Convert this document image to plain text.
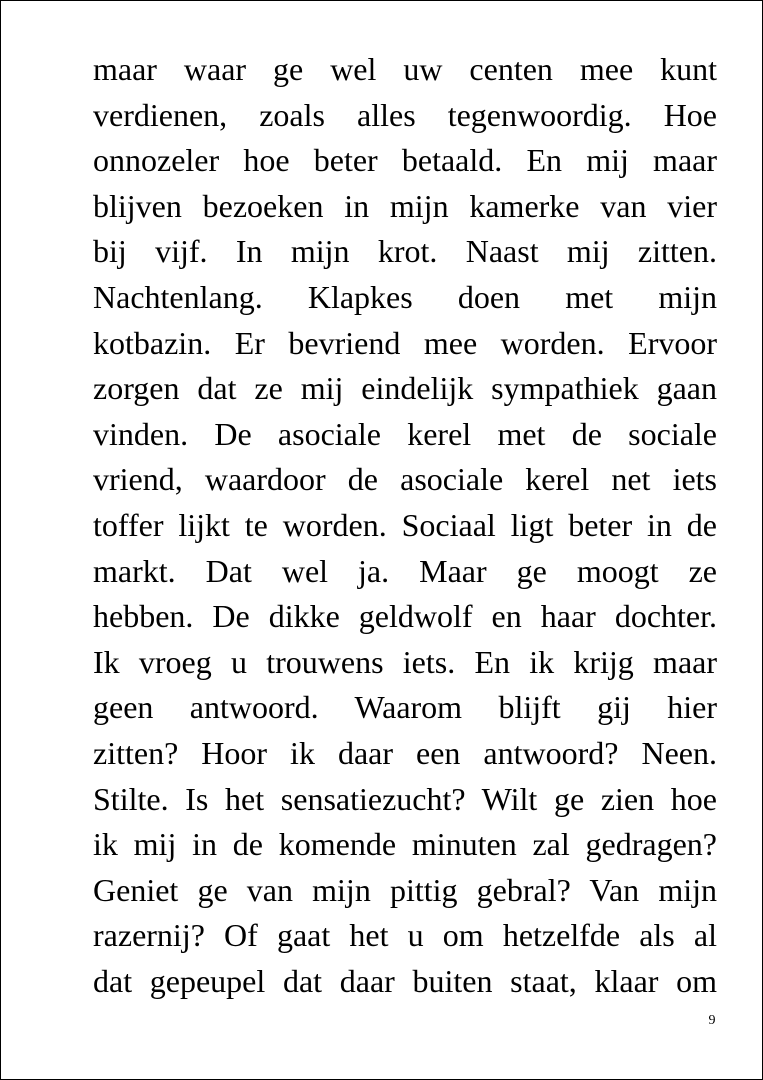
maar waar ge wel uw centen mee kunt
verdienen, zoals alles tegenwoordig. Hoe
onnozeler hoe beter betaald. En mij maar
blijven bezoeken in mijn kamerke van vier
bij vijf. In mijn krot. Naast mij zitten.
Nachtenlang. Klapkes doen met mijn
kotbazin. Er bevriend mee worden. Ervoor
zorgen dat ze mij eindelijk sympathiek gaan
vinden. De asociale kerel met de sociale
vriend, waardoor de asociale kerel net iets
toffer lijkt te worden. Sociaal ligt beter in de
markt. Dat wel ja. Maar ge moogt ze
hebben. De dikke geldwolf en haar dochter.
Ik vroeg u trouwens iets. En ik krijg maar
geen antwoord. Waarom blijft gij hier
zitten? Hoor ik daar een antwoord? Neen.
Stilte. Is het sensatiezucht? Wilt ge zien hoe
ik mij in de komende minuten zal gedragen?
Geniet ge van mijn pittig gebral? Van mijn
razernij? Of gaat het u om hetzelfde als al
dat gepeupel dat daar buiten staat, klaar om
9
